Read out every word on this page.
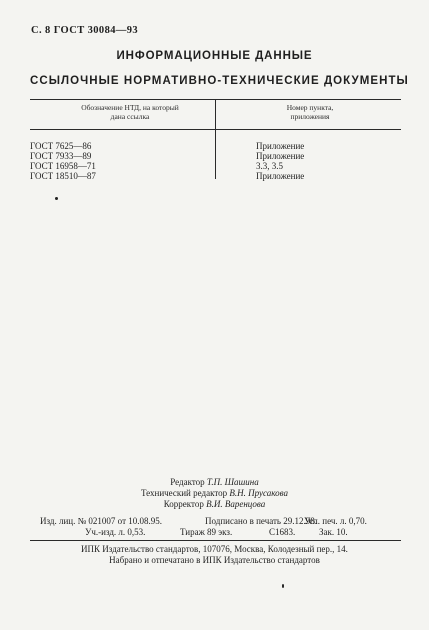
С. 8 ГОСТ 30084—93
ИНФОРМАЦИОННЫЕ ДАННЫЕ
ССЫЛОЧНЫЕ НОРМАТИВНО-ТЕХНИЧЕСКИЕ ДОКУМЕНТЫ
Обозначение НТД, на который
дана ссылка
Номер пункта,
приложения
ГОСТ 7625—86	Приложение
ГОСТ 7933—89	Приложение
ГОСТ 16958—71	3.3, 3.5
ГОСТ 18510—87	Приложение
Редактор Т.П. Шашина
Технический редактор В.Н. Прусакова
Корректор В.И. Варенцова
Изд. лиц. № 021007 от 10.08.95.	Подписано в печать 29.12.98.
Усл. печ. л. 0,70.
Уч.-изд. л. 0,53.	Тираж 89 экз.	С1683.	Зак. 10.
ИПК Издательство стандартов, 107076, Москва, Колодезный пер., 14.
Набрано и отпечатано в ИПК Издательство стандартов
